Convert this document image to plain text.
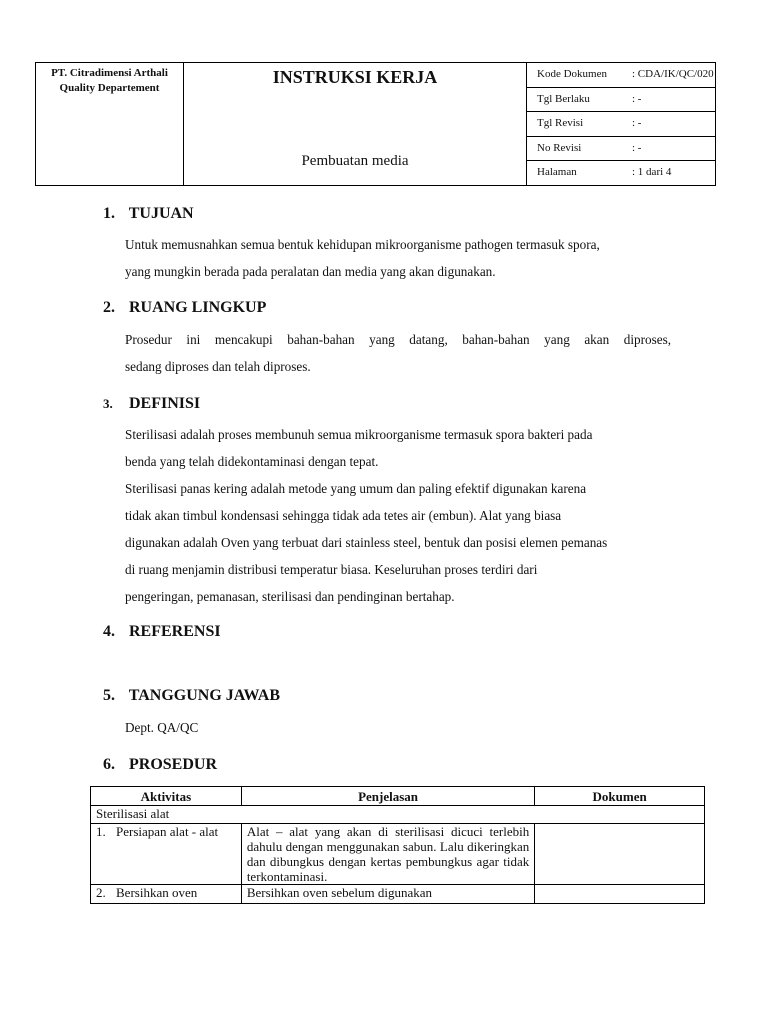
PT. Citradimensi Arthali
Quality Departement
INSTRUKSI KERJA
Pembuatan media
Kode Dokumen : CDA/IK/QC/020
Tgl Berlaku	: -
Tgl Revisi	: -
No Revisi	: -
Halaman	: 1 dari 4
1. TUJUAN
Untuk memusnahkan semua bentuk kehidupan mikroorganisme pathogen termasuk spora,
yang mungkin berada pada peralatan dan media yang akan digunakan.
2. RUANG LINGKUP
Prosedur ini mencakupi bahan-bahan yang datang, bahan-bahan yang akan diproses,
sedang diproses dan telah diproses.
3. DEFINISI
Sterilisasi adalah proses membunuh semua mikroorganisme termasuk spora bakteri pada
benda yang telah didekontaminasi dengan tepat.
Sterilisasi panas kering adalah metode yang umum dan paling efektif digunakan karena
tidak akan timbul kondensasi sehingga tidak ada tetes air (embun). Alat yang biasa
digunakan adalah Oven yang terbuat dari stainless steel, bentuk dan posisi elemen pemanas
di ruang menjamin distribusi temperatur biasa. Keseluruhan proses terdiri dari
pengeringan, pemanasan, sterilisasi dan pendinginan bertahap.
4. REFERENSI
5. TANGGUNG JAWAB
Dept. QA/QC
6. PROSEDUR
Aktivitas	Penjelasan	Dokumen
Sterilisasi alat		

1. Persiapan alat - alat	Alat – alat yang akan di sterilisasi dicuci terlebih dahulu dengan menggunakan sabun. Lalu dikeringkan dan dibungkus dengan kertas pembungkus agar tidak terkontaminasi.	

2. Bersihkan oven	Bersihkan oven sebelum digunakan	
